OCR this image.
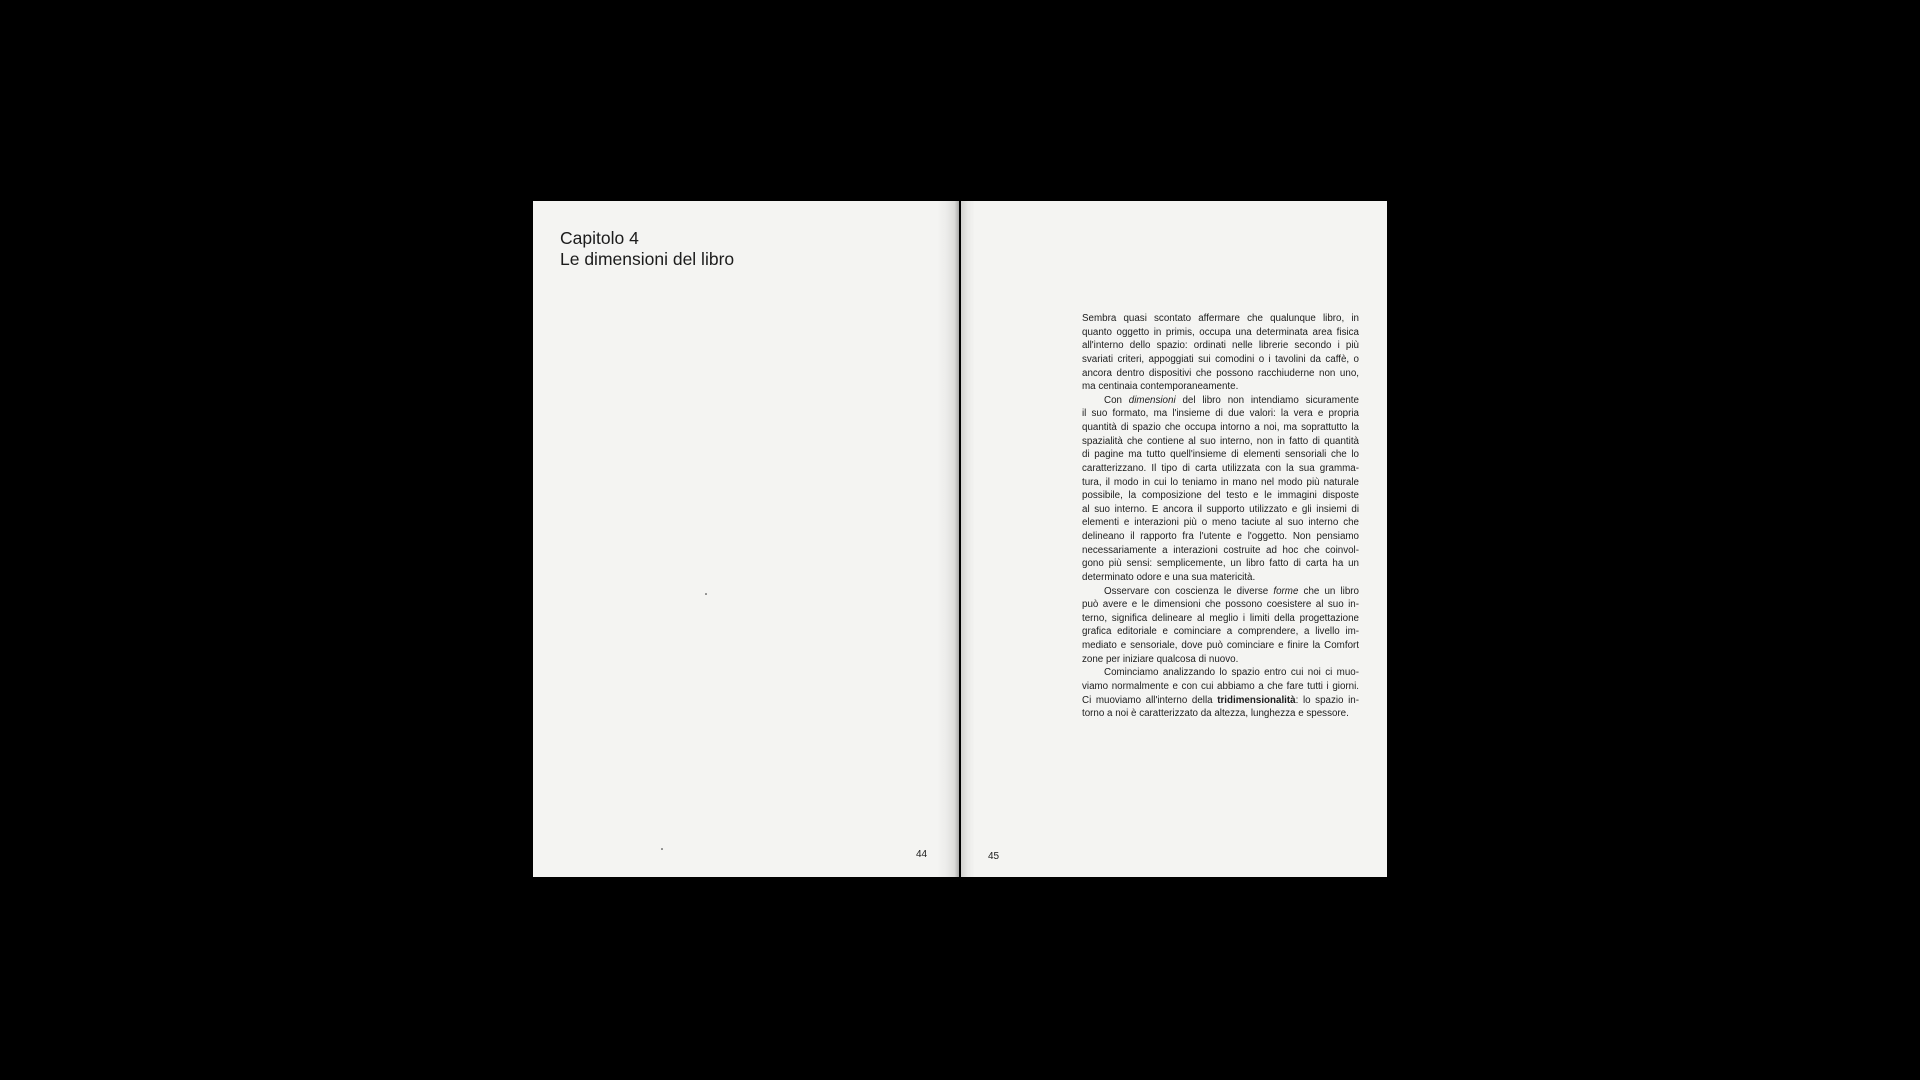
Capitolo 4
Le dimensioni del libro
44
Sembra quasi scontato affermare che qualunque libro, in
quanto oggetto in primis, occupa una determinata area fisica
all'interno dello spazio: ordinati nelle librerie secondo i più
svariati criteri, appoggiati sui comodini o i tavolini da caffè, o
ancora dentro dispositivi che possono racchiuderne non uno,
ma centinaia contemporaneamente.
Con dimensioni del libro non intendiamo sicuramente
il suo formato, ma l'insieme di due valori: la vera e propria
quantità di spazio che occupa intorno a noi, ma soprattutto la
spazialità che contiene al suo interno, non in fatto di quantità
di pagine ma tutto quell'insieme di elementi sensoriali che lo
caratterizzano. Il tipo di carta utilizzata con la sua gramma-
tura, il modo in cui lo teniamo in mano nel modo più naturale
possibile, la composizione del testo e le immagini disposte
al suo interno. E ancora il supporto utilizzato e gli insiemi di
elementi e interazioni più o meno taciute al suo interno che
delineano il rapporto fra l'utente e l'oggetto. Non pensiamo
necessariamente a interazioni costruite ad hoc che coinvol-
gono più sensi: semplicemente, un libro fatto di carta ha un
determinato odore e una sua matericità.
Osservare con coscienza le diverse forme che un libro
può avere e le dimensioni che possono coesistere al suo in-
terno, significa delineare al meglio i limiti della progettazione
grafica editoriale e cominciare a comprendere, a livello im-
mediato e sensoriale, dove può cominciare e finire la Comfort
zone per iniziare qualcosa di nuovo.
Cominciamo analizzando lo spazio entro cui noi ci muo-
viamo normalmente e con cui abbiamo a che fare tutti i giorni.
Ci muoviamo all'interno della tridimensionalità: lo spazio in-
torno a noi è caratterizzato da altezza, lunghezza e spessore.
45
